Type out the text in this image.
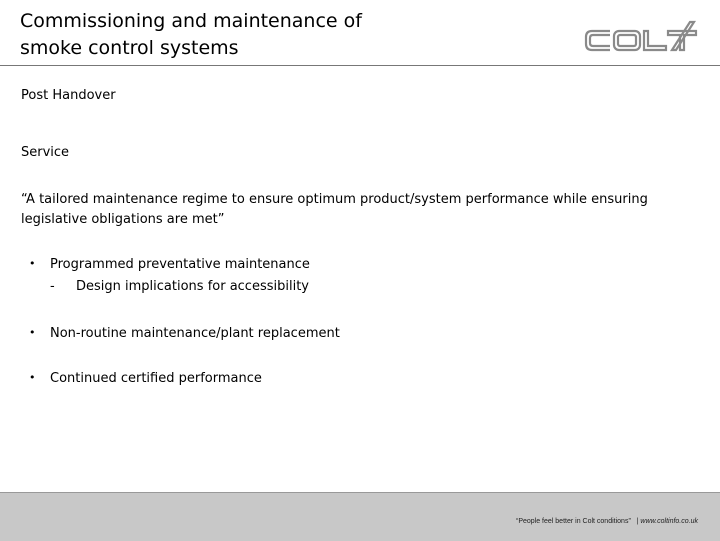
Commissioning and maintenance of
smoke control systems
Post Handover
Service
“A tailored maintenance regime to ensure optimum product/system performance while ensuring legislative obligations are met”
• Programmed preventative maintenance
- Design implications for accessibility
• Non-routine maintenance/plant replacement
• Continued certified performance
“People feel better in Colt conditions” | www.coltinfo.co.uk
